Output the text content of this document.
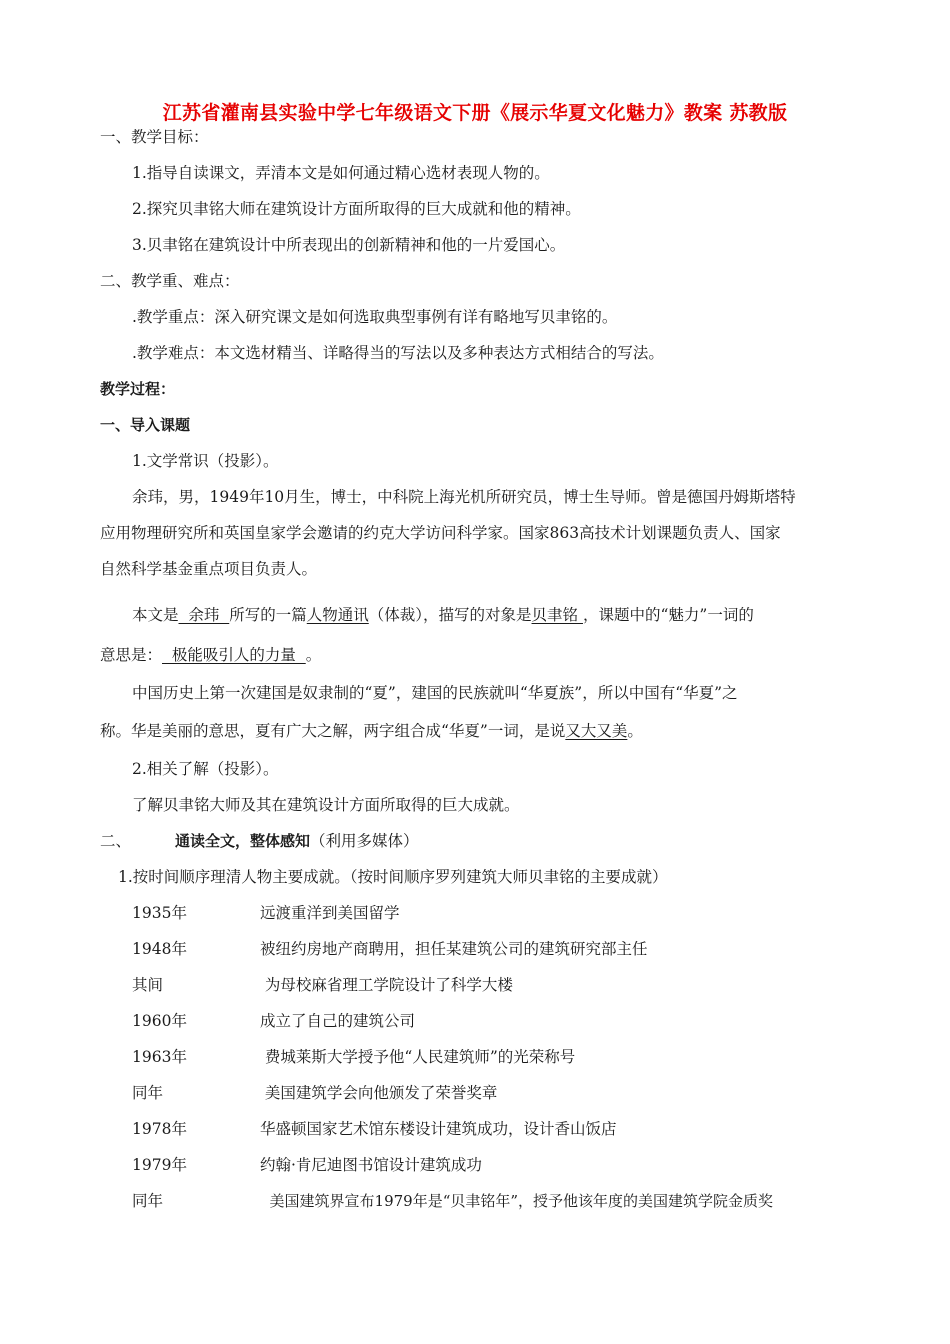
江苏省灌南县实验中学七年级语文下册《展示华夏文化魅力》教案 苏教版
一、教学目标：
1.指导自读课文，弄清本文是如何通过精心选材表现人物的。
2.探究贝聿铭大师在建筑设计方面所取得的巨大成就和他的精神。
3.贝聿铭在建筑设计中所表现出的创新精神和他的一片爱国心。
二、教学重、难点：
.教学重点：深入研究课文是如何选取典型事例有详有略地写贝聿铭的。
.教学难点：本文选材精当、详略得当的写法以及多种表达方式相结合的写法。
教学过程：
一、导入课题
1.文学常识（投影）。
余玮，男，1949年10月生，博士，中科院上海光机所研究员，博士生导师。曾是德国丹姆斯塔特
应用物理研究所和英国皇家学会邀请的约克大学访问科学家。国家863高技术计划课题负责人、国家
自然科学基金重点项目负责人。
本文是  余玮  所写的一篇人物通讯（体裁），描写的对象是贝聿铭 ，课题中的“魅力”一词的
意思是：  极能吸引人的力量  。
中国历史上第一次建国是奴隶制的“夏”，建国的民族就叫“华夏族”，所以中国有“华夏”之
称。华是美丽的意思，夏有广大之解，两字组合成“华夏”一词，是说又大又美。
2.相关了解（投影）。
了解贝聿铭大师及其在建筑设计方面所取得的巨大成就。
二、	通读全文，整体感知（利用多媒体）
1.按时间顺序理清人物主要成就。（按时间顺序罗列建筑大师贝聿铭的主要成就）
1935年	远渡重洋到美国留学
1948年	被纽约房地产商聘用，担任某建筑公司的建筑研究部主任
其间	为母校麻省理工学院设计了科学大楼
1960年	成立了自己的建筑公司
1963年	费城莱斯大学授予他“人民建筑师”的光荣称号
同年	美国建筑学会向他颁发了荣誉奖章
1978年	华盛顿国家艺术馆东楼设计建筑成功，设计香山饭店
1979年	约翰·肯尼迪图书馆设计建筑成功
同年	美国建筑界宣布1979年是“贝聿铭年”，授予他该年度的美国建筑学院金质奖
